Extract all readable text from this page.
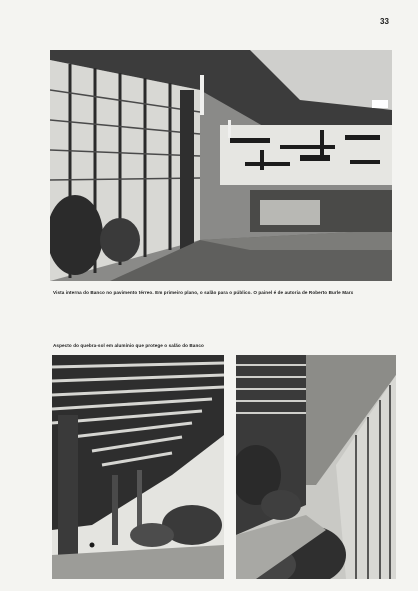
33
Vista interna do Banco no pavimento térreo. Em primeiro plano, o salão para o público. O painel é de autoria de Roberto Burle Marx
Aspecto do quebra-sol em alumínio que protege o salão do Banco
